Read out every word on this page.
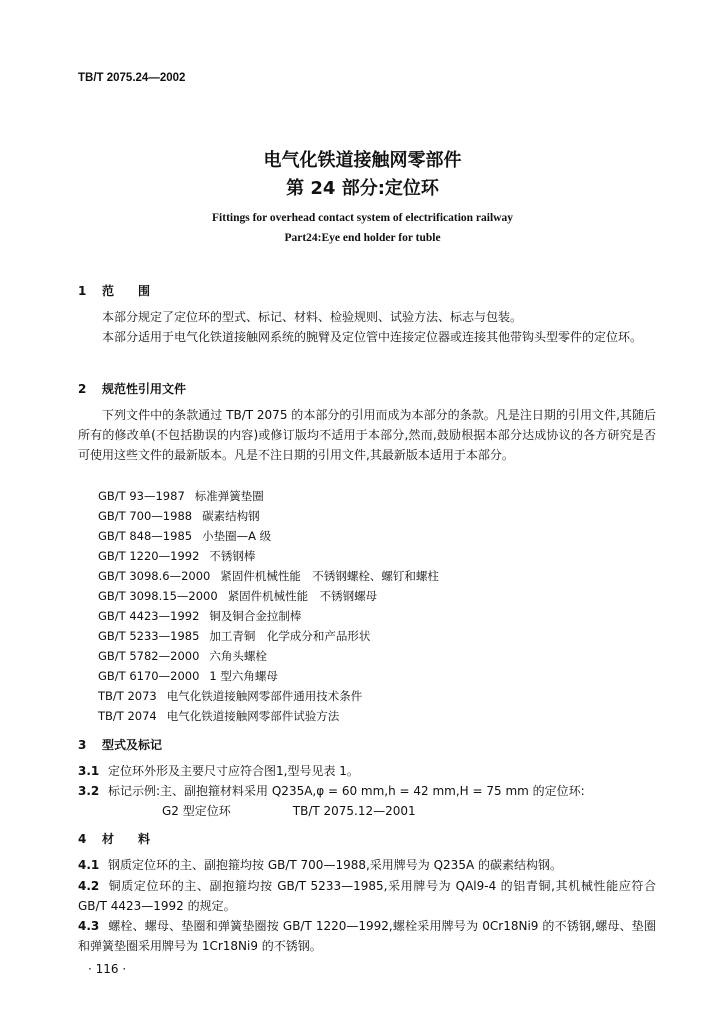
TB/T 2075.24—2002
电气化铁道接触网零部件
第 24 部分:定位环
Fittings for overhead contact system of electrification railway
Part24:Eye end holder for tuble
1 范　　围
本部分规定了定位环的型式、标记、材料、检验规则、试验方法、标志与包装。
本部分适用于电气化铁道接触网系统的腕臂及定位管中连接定位器或连接其他带钩头型零件的定位环。
2 规范性引用文件
下列文件中的条款通过 TB/T 2075 的本部分的引用而成为本部分的条款。凡是注日期的引用文件,其随后所有的修改单(不包括勘误的内容)或修订版均不适用于本部分,然而,鼓励根据本部分达成协议的各方研究是否可使用这些文件的最新版本。凡是不注日期的引用文件,其最新版本适用于本部分。
GB/T 93—1987 标准弹簧垫圈
GB/T 700—1988 碳素结构钢
GB/T 848—1985 小垫圈—A 级
GB/T 1220—1992 不锈钢棒
GB/T 3098.6—2000 紧固件机械性能　不锈钢螺栓、螺钉和螺柱
GB/T 3098.15—2000 紧固件机械性能　不锈钢螺母
GB/T 4423—1992 铜及铜合金拉制棒
GB/T 5233—1985 加工青铜　化学成分和产品形状
GB/T 5782—2000 六角头螺栓
GB/T 6170—2000 1 型六角螺母
TB/T 2073 电气化铁道接触网零部件通用技术条件
TB/T 2074 电气化铁道接触网零部件试验方法
3 型式及标记
3.1 定位环外形及主要尺寸应符合图1,型号见表 1。
3.2 标记示例:主、副抱箍材料采用 Q235A,φ = 60 mm,h = 42 mm,H = 75 mm 的定位环:
G2 型定位环	TB/T 2075.12—2001
4 材　　料
4.1 钢质定位环的主、副抱箍均按 GB/T 700—1988,采用牌号为 Q235A 的碳素结构钢。
4.2 铜质定位环的主、副抱箍均按 GB/T 5233—1985,采用牌号为 QAl9-4 的铝青铜,其机械性能应符合 GB/T 4423—1992 的规定。
4.3 螺栓、螺母、垫圈和弹簧垫圈按 GB/T 1220—1992,螺栓采用牌号为 0Cr18Ni9 的不锈钢,螺母、垫圈和弹簧垫圈采用牌号为 1Cr18Ni9 的不锈钢。
· 116 ·
